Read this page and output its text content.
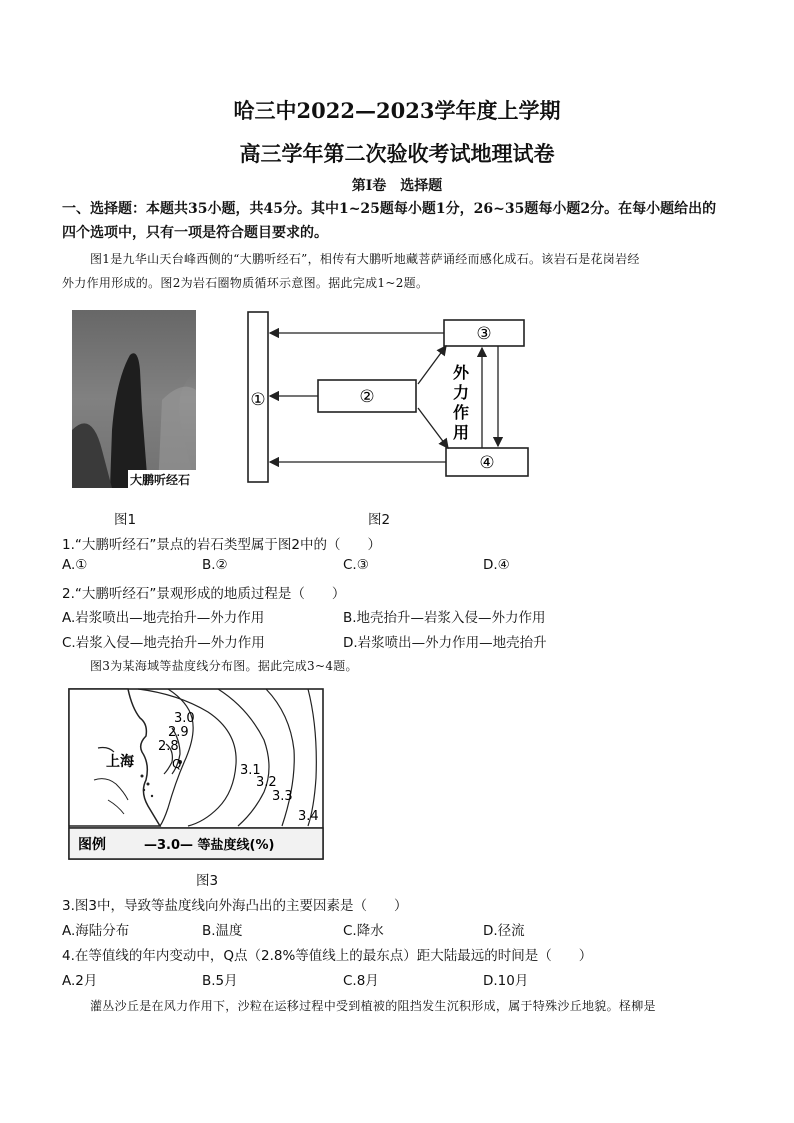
哈三中2022—2023学年度上学期
高三学年第二次验收考试地理试卷
第Ⅰ卷　选择题
一、选择题：本题共35小题，共45分。其中1~25题每小题1分，26~35题每小题2分。在每小题给出的
四个选项中，只有一项是符合题目要求的。
图1是九华山天台峰西侧的“大鹏听经石”，相传有大鹏听地藏菩萨诵经而感化成石。该岩石是花岗岩经
外力作用形成的。图2为岩石圈物质循环示意图。据此完成1~2题。
大鹏听经石
①	②
③
④
外
力
作
用
图1	图2
1.“大鹏听经石”景点的岩石类型属于图2中的（　　）
A.①	B.②	C.③	D.④
2.“大鹏听经石”景观形成的地质过程是（　　）
A.岩浆喷出—地壳抬升—外力作用	B.地壳抬升—岩浆入侵—外力作用
C.岩浆入侵—地壳抬升—外力作用	D.岩浆喷出—外力作用—地壳抬升
图3为某海域等盐度线分布图。据此完成3~4题。
3.0
2.9
2.8
3.1
3.2
3.3
3.4
上海	Q
图例	—3.0— 等盐度线(%)
图3
3.图3中，导致等盐度线向外海凸出的主要因素是（　　）
A.海陆分布	B.温度	C.降水	D.径流
4.在等值线的年内变动中，Q点（2.8%等值线上的最东点）距大陆最远的时间是（　　）
A.2月	B.5月	C.8月	D.10月
灌丛沙丘是在风力作用下，沙粒在运移过程中受到植被的阻挡发生沉积形成，属于特殊沙丘地貌。柽柳是
